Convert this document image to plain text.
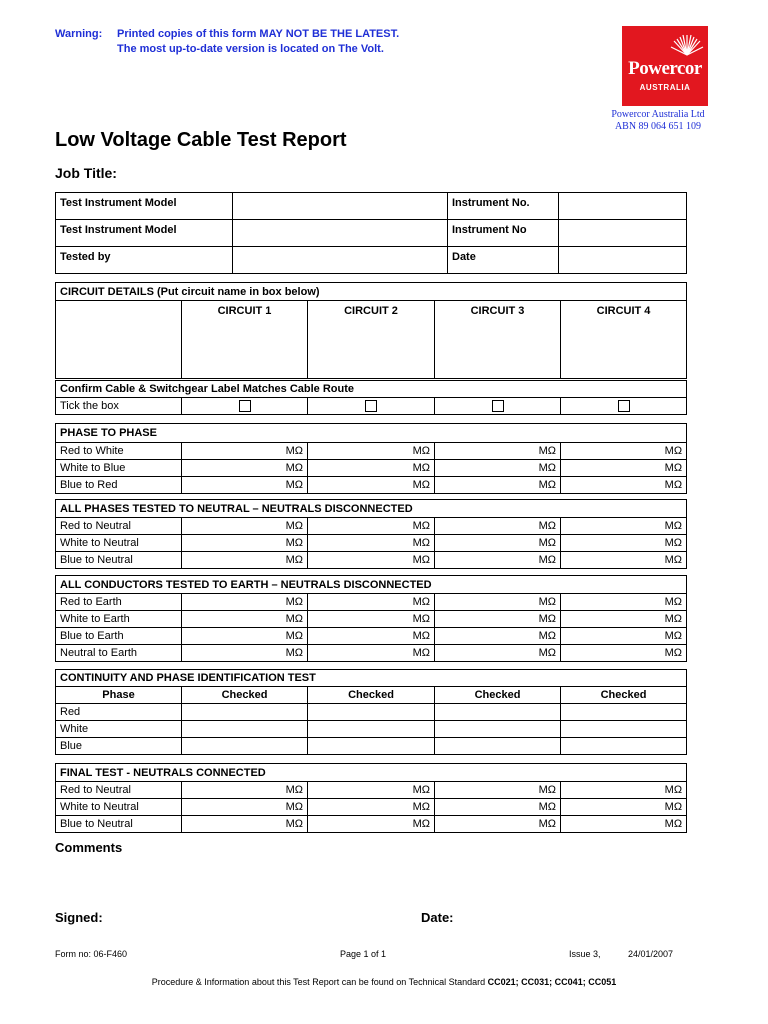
Warning: Printed copies of this form MAY NOT BE THE LATEST.
The most up-to-date version is located on The Volt.
Powercor
AUSTRALIA
Powercor Australia Ltd
ABN 89 064 651 109
Low Voltage Cable Test Report
Job Title:
Test Instrument Model		Instrument No.	
Test Instrument Model		Instrument No	
Tested by		Date	
CIRCUIT DETAILS (Put circuit name in box below)
	CIRCUIT 1	CIRCUIT 2	CIRCUIT 3	CIRCUIT 4
Confirm Cable & Switchgear Label Matches Cable Route
Tick the box				
PHASE TO PHASE				
Red to White	MΩ	MΩ	MΩ	MΩ
White to Blue	MΩ	MΩ	MΩ	MΩ
Blue to Red	MΩ	MΩ	MΩ	MΩ
ALL PHASES TESTED TO NEUTRAL – NEUTRALS DISCONNECTED				
Red to Neutral	MΩ	MΩ	MΩ	MΩ
White to Neutral	MΩ	MΩ	MΩ	MΩ
Blue to Neutral	MΩ	MΩ	MΩ	MΩ
ALL CONDUCTORS TESTED TO EARTH – NEUTRALS DISCONNECTED				
Red to Earth	MΩ	MΩ	MΩ	MΩ
White to Earth	MΩ	MΩ	MΩ	MΩ
Blue to Earth	MΩ	MΩ	MΩ	MΩ
Neutral to Earth	MΩ	MΩ	MΩ	MΩ
CONTINUITY AND PHASE IDENTIFICATION TEST				
Phase	Checked	Checked	Checked	Checked
Red				
White				
Blue				
FINAL TEST - NEUTRALS CONNECTED				
Red to Neutral	MΩ	MΩ	MΩ	MΩ
White to Neutral	MΩ	MΩ	MΩ	MΩ
Blue to Neutral	MΩ	MΩ	MΩ	MΩ
Comments
Signed:	Date:
Form no: 06-F460	Page 1 of 1	Issue 3,	24/01/2007
Procedure & Information about this Test Report can be found on Technical Standard CC021; CC031; CC041; CC051
